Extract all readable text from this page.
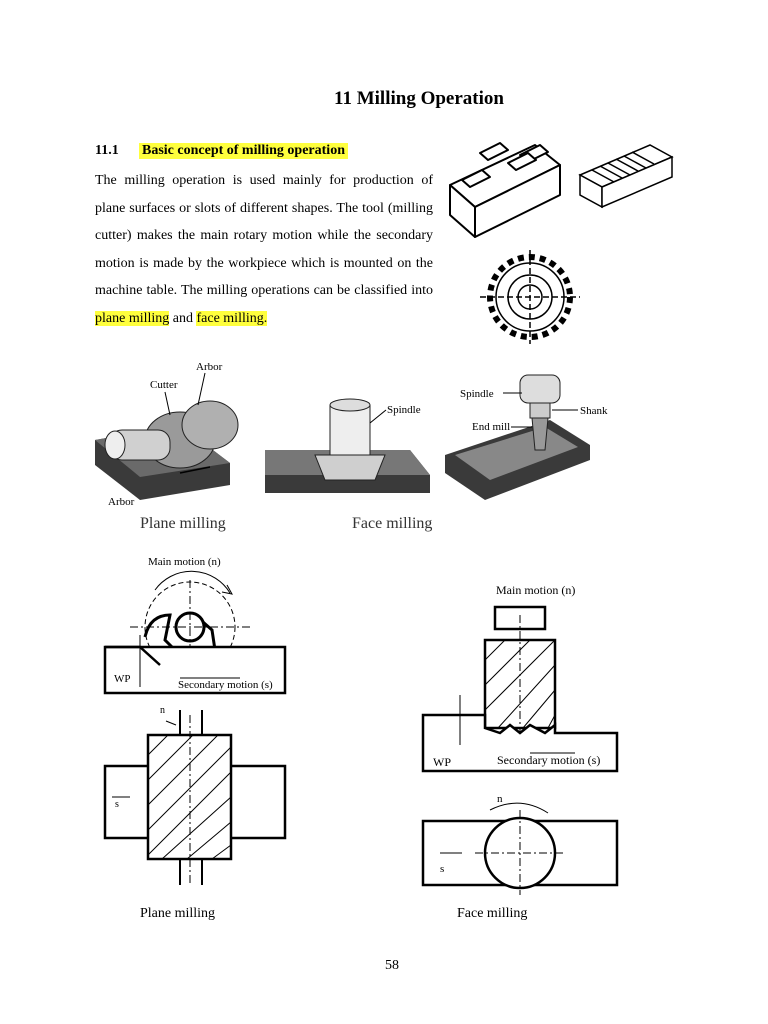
11 Milling Operation
11.1 Basic concept of milling operation
The milling operation is used mainly for production of plane surfaces or slots of different shapes. The tool (milling cutter) makes the main rotary motion while the secondary motion is made by the workpiece which is mounted on the machine table. The milling operations can be classified into plane milling and face milling.
Arbor
Cutter
Arbor
Plane milling
Spindle
Face milling
Spindle
Shank
End mill
Main motion (n)
WP	Secondary motion (s)
n
s
Plane milling
Main motion (n)
WP	Secondary motion (s)
n
s
Face milling
58
